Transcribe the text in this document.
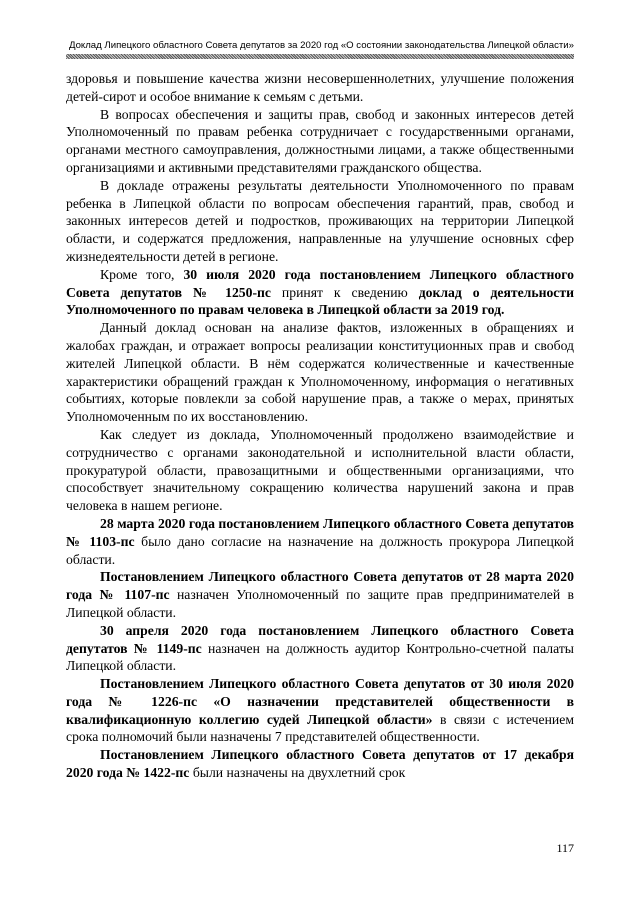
Доклад Липецкого областного Совета депутатов за 2020 год «О состоянии законодательства Липецкой области»

здоровья и повышение качества жизни несовершеннолетних, улучшение положения детей-сирот и особое внимание к семьям с детьми.

В вопросах обеспечения и защиты прав, свобод и законных интересов детей Уполномоченный по правам ребенка сотрудничает с государственными органами, органами местного самоуправления, должностными лицами, а также общественными организациями и активными представителями гражданского общества.

В докладе отражены результаты деятельности Уполномоченного по правам ребенка в Липецкой области по вопросам обеспечения гарантий, прав, свобод и законных интересов детей и подростков, проживающих на территории Липецкой области, и содержатся предложения, направленные на улучшение основных сфер жизнедеятельности детей в регионе.

Кроме того, 30 июля 2020 года постановлением Липецкого областного Совета депутатов № 1250-пс принят к сведению доклад о деятельности Уполномоченного по правам человека в Липецкой области за 2019 год.

Данный доклад основан на анализе фактов, изложенных в обращениях и жалобах граждан, и отражает вопросы реализации конституционных прав и свобод жителей Липецкой области. В нём содержатся количественные и качественные характеристики обращений граждан к Уполномоченному, информация о негативных событиях, которые повлекли за собой нарушение прав, а также о мерах, принятых Уполномоченным по их восстановлению.

Как следует из доклада, Уполномоченный продолжено взаимодействие и сотрудничество с органами законодательной и исполнительной власти области, прокуратурой области, правозащитными и общественными организациями, что способствует значительному сокращению количества нарушений закона и прав человека в нашем регионе.

28 марта 2020 года постановлением Липецкого областного Совета депутатов № 1103-пс было дано согласие на назначение на должность прокурора Липецкой области.

Постановлением Липецкого областного Совета депутатов от 28 марта 2020 года № 1107-пс назначен Уполномоченный по защите прав предпринимателей в Липецкой области.

30 апреля 2020 года постановлением Липецкого областного Совета депутатов № 1149-пс назначен на должность аудитор Контрольно-счетной палаты Липецкой области.

Постановлением Липецкого областного Совета депутатов от 30 июля 2020 года № 1226-пс «О назначении представителей общественности в квалификационную коллегию судей Липецкой области» в связи с истечением срока полномочий были назначены 7 представителей общественности.

Постановлением Липецкого областного Совета депутатов от 17 декабря 2020 года № 1422-пс были назначены на двухлетний срок

117
